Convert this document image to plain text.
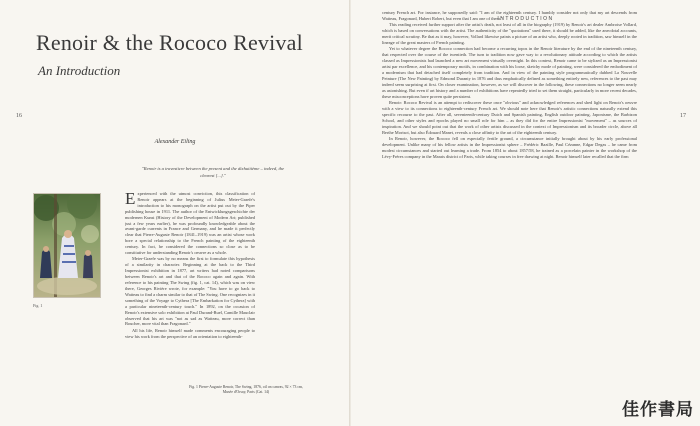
16
Renoir & the Rococo Revival
An Introduction
Alexander Eiling
"Renoir is a travesticre between the present and the dixhuitième – indeed, the clearest [...]."
Fig. 1

Experienced with the utmost conviction, this classification of Renoir appears at the beginning of Julius Meier-Graefe's introduction to his monograph on the artist put out by the Piper publishing house in 1911. The author of the Entwicklungsgeschichte der modernen Kunst (History of the Development of Modern Art; published just a few years earlier), he was profoundly knowledgeable about the avant-garde currents in France and Germany, and he made it perfectly clear that Pierre-Auguste Renoir (1841–1919) was an artist whose work bore a special relationship to the French painting of the eighteenth century. In fact, he considered the connections so close as to be constitutive for understanding Renoir's oeuvre as a whole.

Meier-Graefe was by no means the first to formulate this hypothesis of a similarity in character. Beginning at the back to the Third Impressionist exhibition in 1877, art writers had noted comparisons between Renoir's art and that of the Rococo again and again. With reference to his painting The Swing (fig. 1, cat. 14), which was on view there, Georges Rivière wrote, for example: "You have to go back to Watteau to find a charm similar to that of The Swing. One recognizes in it something of the Voyage to Cythera [The Embarkation for Cythera] with a particular nineteenth-century touch." In 1892, on the occasion of Renoir's extensive solo exhibition at Paul Durand-Ruel, Camille Mauclair observed that his art was "not as sad as Watteau, more correct than Boucher, more vital than Fragonard."

All his life, Renoir himself made comments encouraging people to view his work from the perspective of an orientation to eighteenth-

Fig. 1 Pierre-Auguste Renoir, The Swing, 1876, oil on canvas, 92 × 73 cm, Musée d'Orsay, Paris (Cat. 14)
INTRODUCTION
17

century French art. For instance, he supposedly said: "I am of the eighteenth century. I humbly consider not only that my art descends from Watteau, Fragonard, Hubert Robert, but even that I am one of them."

This reading received further support after the artist's death, not least of all in the biography (1919) by Renoir's art dealer Ambroise Vollard, which is based on conversations with the artist. The authenticity of the "quotations" used there, it should be added, like the anecdotal accounts, merit critical scrutiny. Be that as it may, however, Vollard likewise paints a picture of an artist who, deeply rooted in tradition, saw himself in the lineage of the great masters of French painting.

Yet to whatever degree the Rococo connection had become a recurring topos in the Renoir literature by the end of the nineteenth century, that respected over the course of the twentieth. The turn to tradition now gave way to a revolutionary attitude according to which the artists classed as Impressionists had launched a new art movement virtually overnight. In this context, Renoir came to be stylized as an Impressionist artist par excellence, and his contemporary motifs, in combination with his loose, sketchy mode of painting, were considered the embodiment of a modernism that had detached itself completely from tradition. And in view of the painting style programmatically dubbed La Nouvelle Peinture (The New Painting) by Edmond Duranty in 1876 and thus emphatically defined as something entirely new, references to the past may indeed seem surprising at first. On closer examination, however, as we will discover in the following, these connections no longer seem nearly as astonishing. But even if art history and a number of exhibitions have repeatedly tried to set them straight, particularly in more recent decades, these misconceptions have proven quite persistent.

Renoir: Rococo Revival is an attempt to rediscover these once "obvious" and acknowledged references and shed light on Renoir's oeuvre with a view to its connections to eighteenth-century French art. We should note here that Renoir's artistic connections naturally extend this specific recourse to the past. After all, seventeenth-century Dutch and Spanish painting, English outdoor painting, Japonisme, the Barbizon School, and other styles and epochs played no small role for him – as they did for the entire Impressionist "movement" – as sources of inspiration. And we should point out that the work of other artists discussed in the context of Impressionism and its broader circle, above all Berthe Morisot, but also Édouard Manet, reveals a close affinity to the art of the eighteenth century.

In Renoir, however, the Rococo fell on especially fertile ground, a circumstance initially brought about by his early professional development. Unlike many of his fellow artists in the Impressionist sphere – Frédéric Bazille, Paul Cézanne, Edgar Degas – he came from modest circumstances and started out learning a trade. From 1854 to about 1857/58, he trained as a porcelain painter in the workshop of the Lévy-Frères company in the Marais district of Paris, while taking courses in free drawing at night. Renoir himself later recalled that the firm

佳作書局
